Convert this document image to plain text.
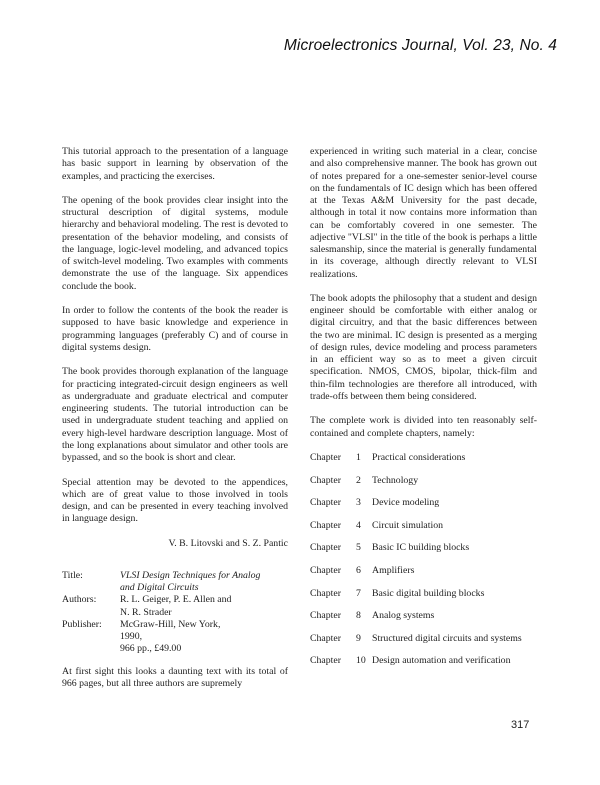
Microelectronics Journal, Vol. 23, No. 4

This tutorial approach to the presentation of a language has basic support in learning by observation of the examples, and practicing the exercises.

The opening of the book provides clear insight into the structural description of digital systems, module hierarchy and behavioral modeling. The rest is devoted to presentation of the behavior modeling, and consists of the language, logic-level modeling, and advanced topics of switch-level modeling. Two examples with comments demonstrate the use of the language. Six appendices conclude the book.

In order to follow the contents of the book the reader is supposed to have basic knowledge and experience in programming languages (preferably C) and of course in digital systems design.

The book provides thorough explanation of the language for practicing integrated-circuit design engineers as well as undergraduate and graduate electrical and computer engineering students. The tutorial introduction can be used in undergraduate student teaching and applied on every high-level hardware description language. Most of the long explanations about simulator and other tools are bypassed, and so the book is short and clear.

Special attention may be devoted to the appendices, which are of great value to those involved in tools design, and can be presented in every teaching involved in language design.

V. B. Litovski and S. Z. Pantic
Title:	VLSI Design Techniques for Analog
and Digital Circuits
Authors:	R. L. Geiger, P. E. Allen and
N. R. Strader
Publisher:	McGraw-Hill, New York,
1990,
966 pp., £49.00

At first sight this looks a daunting text with its total of 966 pages, but all three authors are supremely

experienced in writing such material in a clear, concise and also comprehensive manner. The book has grown out of notes prepared for a one-semester senior-level course on the fundamentals of IC design which has been offered at the Texas A&M University for the past decade, although in total it now contains more information than can be comfortably covered in one semester. The adjective "VLSI" in the title of the book is perhaps a little salesmanship, since the material is generally fundamental in its coverage, although directly relevant to VLSI realizations.

The book adopts the philosophy that a student and design engineer should be comfortable with either analog or digital circuitry, and that the basic differences between the two are minimal. IC design is presented as a merging of design rules, device modeling and process parameters in an efficient way so as to meet a given circuit specification. NMOS, CMOS, bipolar, thick-film and thin-film technologies are therefore all introduced, with trade-offs between them being considered.

The complete work is divided into ten reasonably self-contained and complete chapters, namely:

Chapter	1	Practical considerations
Chapter	2	Technology
Chapter	3	Device modeling
Chapter	4	Circuit simulation
Chapter	5	Basic IC building blocks
Chapter	6	Amplifiers
Chapter	7	Basic digital building blocks
Chapter	8	Analog systems
Chapter	9	Structured digital circuits and systems
Chapter	10 Design automation and verification
317
